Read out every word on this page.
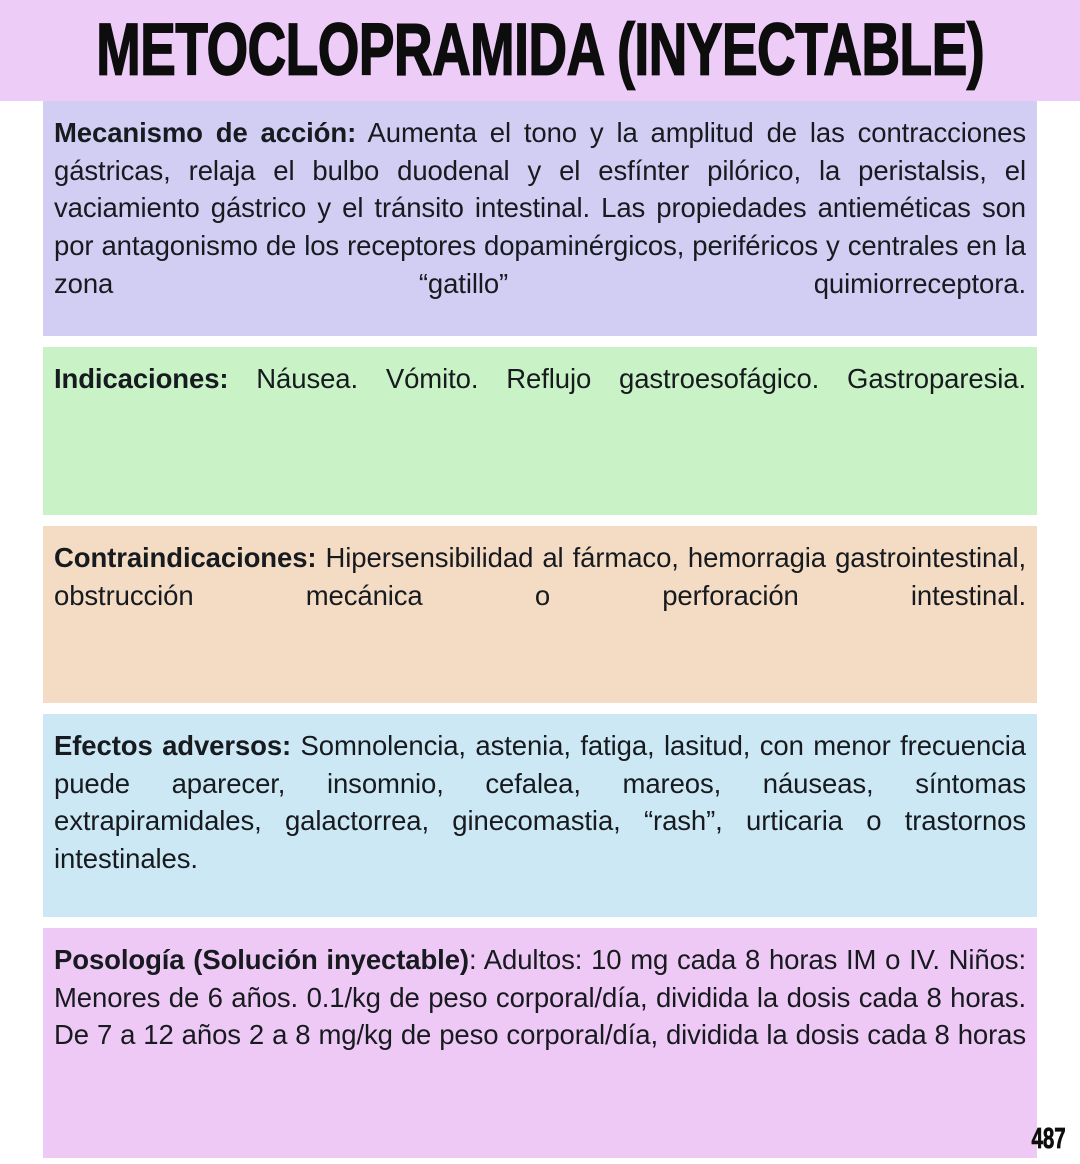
METOCLOPRAMIDA (INYECTABLE)

Mecanismo de acción: Aumenta el tono y la amplitud de las contracciones gástricas, relaja el bulbo duodenal y el esfínter pilórico, la peristalsis, el vaciamiento gástrico y el tránsito intestinal. Las propiedades antieméticas son por antagonismo de los receptores dopaminérgicos, periféricos y centrales en la zona “gatillo” quimiorreceptora.

Indicaciones: Náusea. Vómito. Reflujo gastroesofágico. Gastroparesia.

Contraindicaciones: Hipersensibilidad al fármaco, hemorragia gastrointestinal, obstrucción mecánica o perforación intestinal.

Efectos adversos: Somnolencia, astenia, fatiga, lasitud, con menor frecuencia puede aparecer, insomnio, cefalea, mareos, náuseas, síntomas extrapiramidales, galactorrea, ginecomastia, “rash”, urticaria o trastornos intestinales.

Posología (Solución inyectable): Adultos: 10 mg cada 8 horas IM o IV. Niños: Menores de 6 años. 0.1/kg de peso corporal/día, dividida la dosis cada 8 horas. De 7 a 12 años 2 a 8 mg/kg de peso corporal/día, dividida la dosis cada 8 horas

487
